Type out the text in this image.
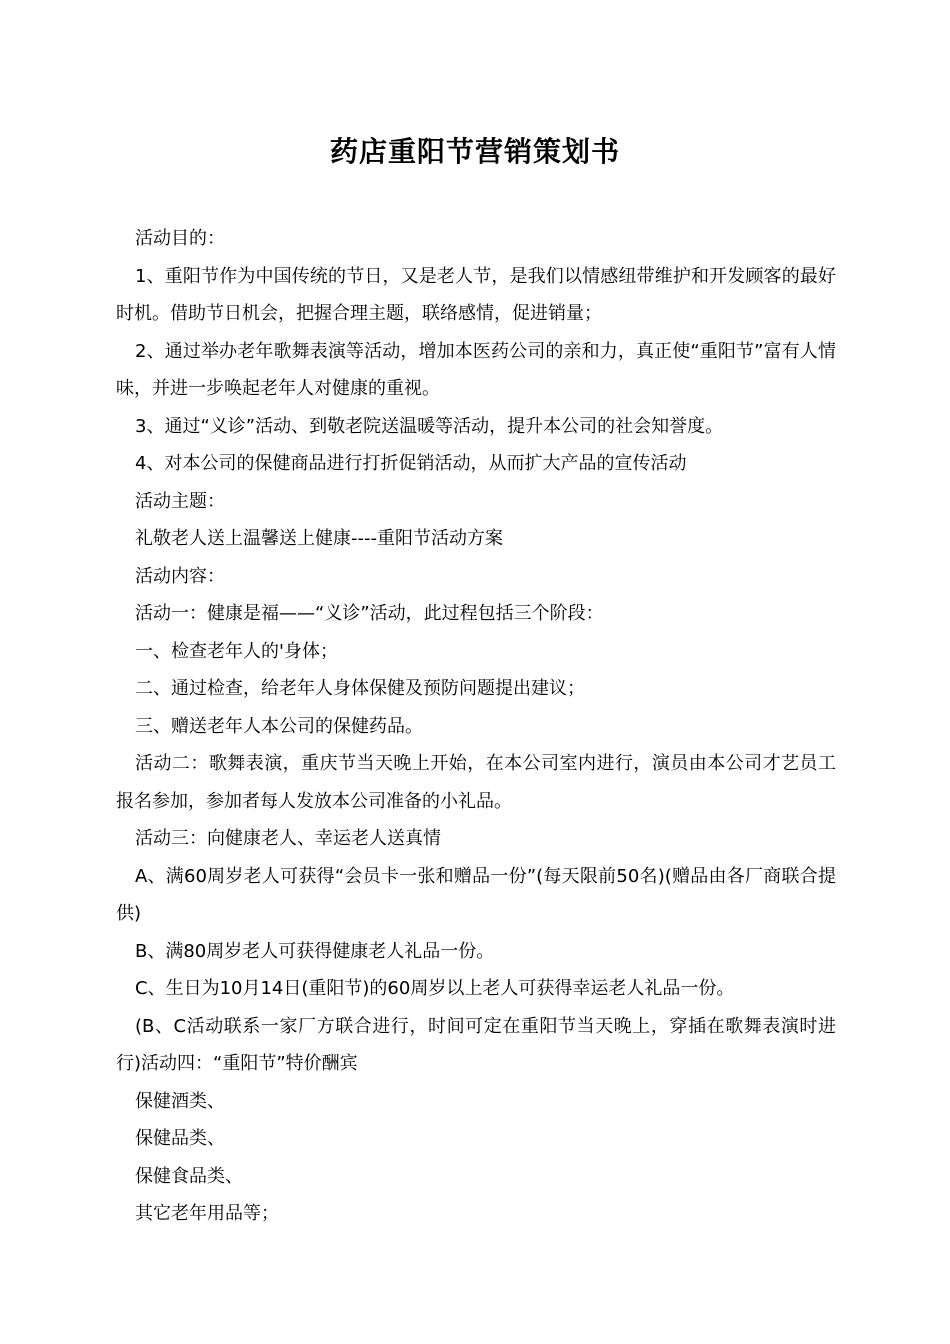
药店重阳节营销策划书

活动目的：

1、重阳节作为中国传统的节日，又是老人节，是我们以情感纽带维护和开发顾客的最好时机。借助节日机会，把握合理主题，联络感情，促进销量；

2、通过举办老年歌舞表演等活动，增加本医药公司的亲和力，真正使“重阳节”富有人情味，并进一步唤起老年人对健康的重视。

3、通过“义诊”活动、到敬老院送温暖等活动，提升本公司的社会知誉度。

4、对本公司的保健商品进行打折促销活动，从而扩大产品的宣传活动

活动主题：

礼敬老人送上温馨送上健康----重阳节活动方案

活动内容：

活动一：健康是福——“义诊”活动，此过程包括三个阶段：

一、检查老年人的'身体；

二、通过检查，给老年人身体保健及预防问题提出建议；

三、赠送老年人本公司的保健药品。

活动二：歌舞表演，重庆节当天晚上开始，在本公司室内进行，演员由本公司才艺员工报名参加，参加者每人发放本公司准备的小礼品。

活动三：向健康老人、幸运老人送真情

A、满60周岁老人可获得“会员卡一张和赠品一份”(每天限前50名)(赠品由各厂商联合提供)

B、满80周岁老人可获得健康老人礼品一份。

C、生日为10月14日(重阳节)的60周岁以上老人可获得幸运老人礼品一份。

(B、C活动联系一家厂方联合进行，时间可定在重阳节当天晚上，穿插在歌舞表演时进行)活动四：“重阳节”特价酬宾

保健酒类、

保健品类、

保健食品类、

其它老年用品等；
